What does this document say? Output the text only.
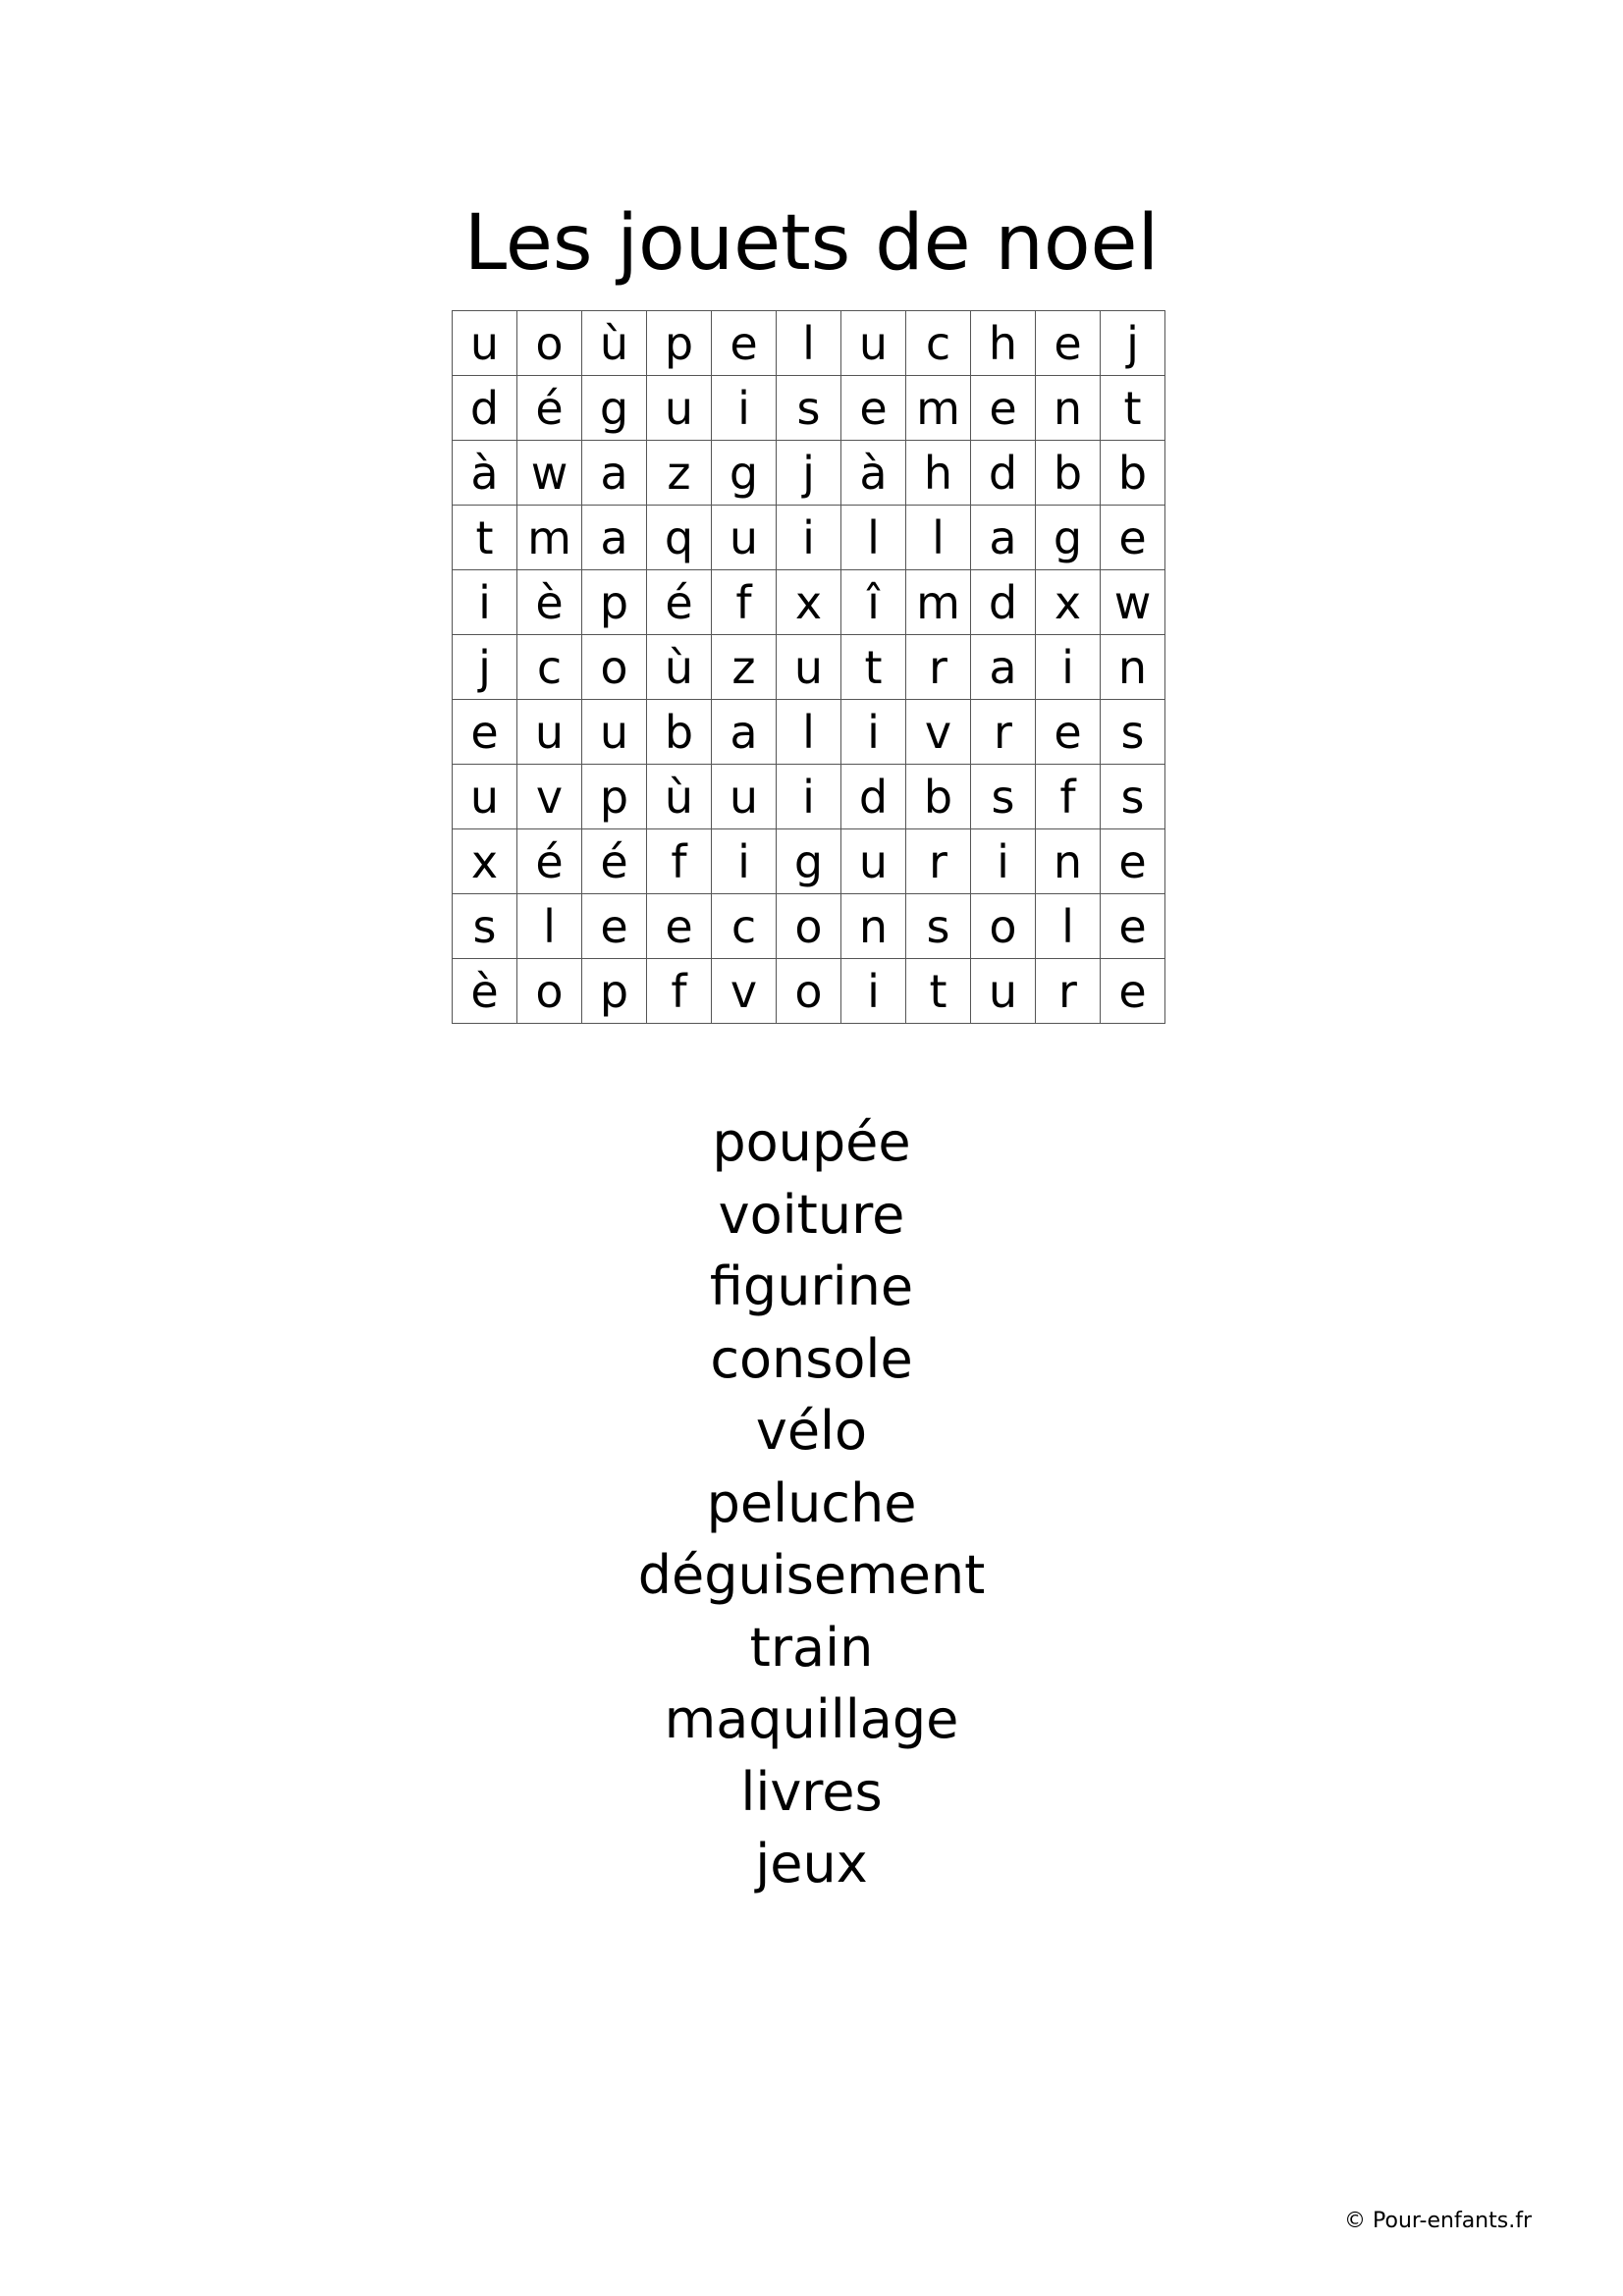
Les jouets de noel
u	o	ù	p	e	l	u	c	h	e	j
d	é	g	u	i	s	e	m	e	n	t
à	w	a	z	g	j	à	h	d	b	b
t	m	a	q	u	i	l	l	a	g	e
i	è	p	é	f	x	î	m	d	x	w
j	c	o	ù	z	u	t	r	a	i	n
e	u	u	b	a	l	i	v	r	e	s
u	v	p	ù	u	i	d	b	s	f	s
x	é	é	f	i	g	u	r	i	n	e
s	l	e	e	c	o	n	s	o	l	e
è	o	p	f	v	o	i	t	u	r	e
poupée
voiture
figurine
console
vélo
peluche
déguisement
train
maquillage
livres
jeux
© Pour-enfants.fr
